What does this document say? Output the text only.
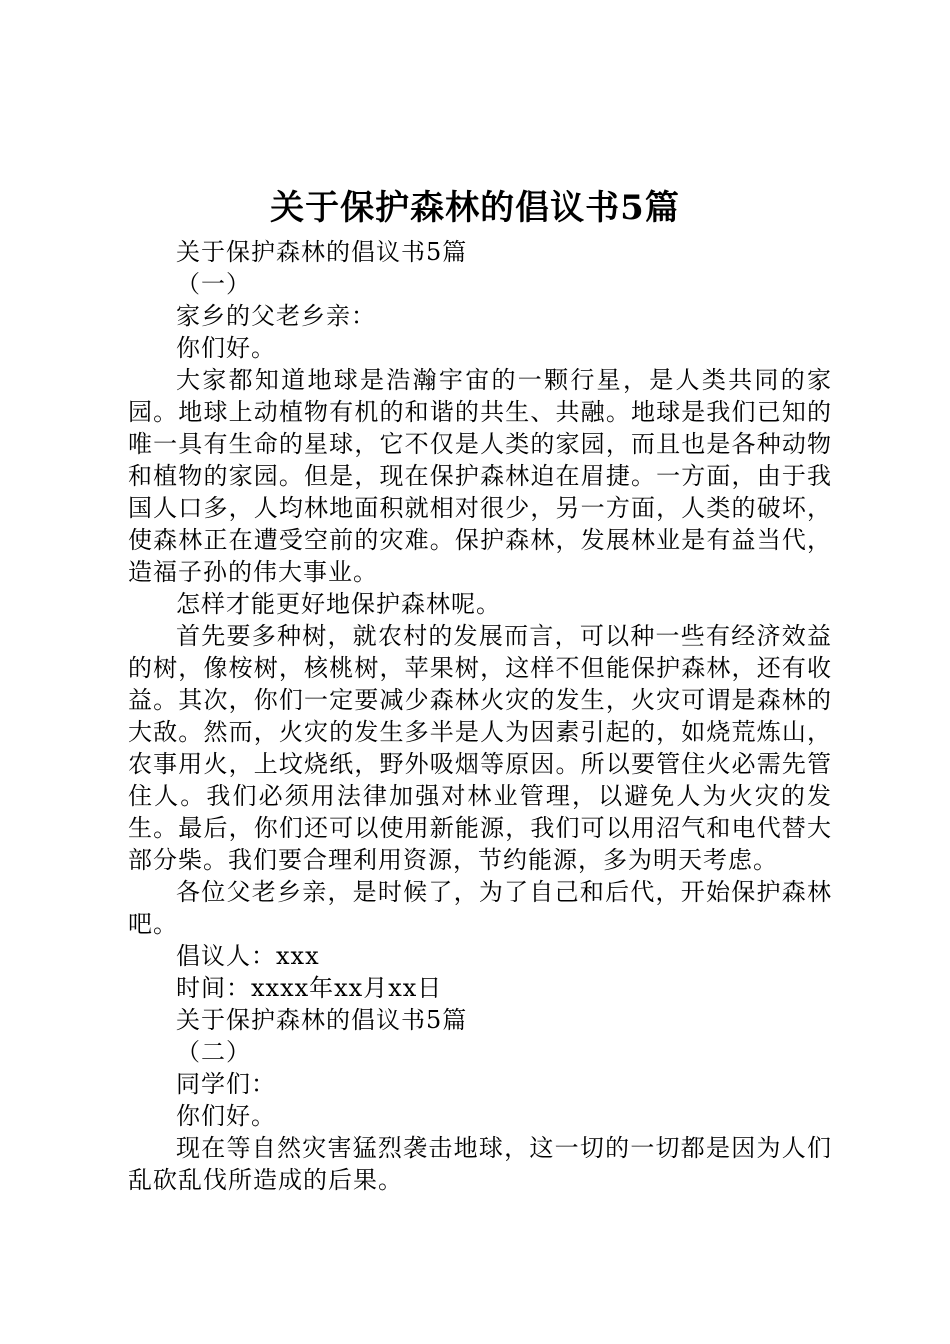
关于保护森林的倡议书5篇

关于保护森林的倡议书5篇

（一）

家乡的父老乡亲：

你们好。

大家都知道地球是浩瀚宇宙的一颗行星，是人类共同的家园。地球上动植物有机的和谐的共生、共融。地球是我们已知的唯一具有生命的星球，它不仅是人类的家园，而且也是各种动物和植物的家园。但是，现在保护森林迫在眉捷。一方面，由于我国人口多，人均林地面积就相对很少，另一方面，人类的破坏，使森林正在遭受空前的灾难。保护森林，发展林业是有益当代，造福子孙的伟大事业。

怎样才能更好地保护森林呢。

首先要多种树，就农村的发展而言，可以种一些有经济效益的树，像桉树，核桃树，苹果树，这样不但能保护森林，还有收益。其次，你们一定要减少森林火灾的发生，火灾可谓是森林的大敌。然而，火灾的发生多半是人为因素引起的，如烧荒炼山，农事用火，上坟烧纸，野外吸烟等原因。所以要管住火必需先管住人。我们必须用法律加强对林业管理，以避免人为火灾的发生。最后，你们还可以使用新能源，我们可以用沼气和电代替大部分柴。我们要合理利用资源，节约能源，多为明天考虑。

各位父老乡亲，是时候了，为了自己和后代，开始保护森林吧。

倡议人：xxx

时间：xxxx年xx月xx日

关于保护森林的倡议书5篇

（二）

同学们：

你们好。

现在等自然灾害猛烈袭击地球，这一切的一切都是因为人们乱砍乱伐所造成的后果。
